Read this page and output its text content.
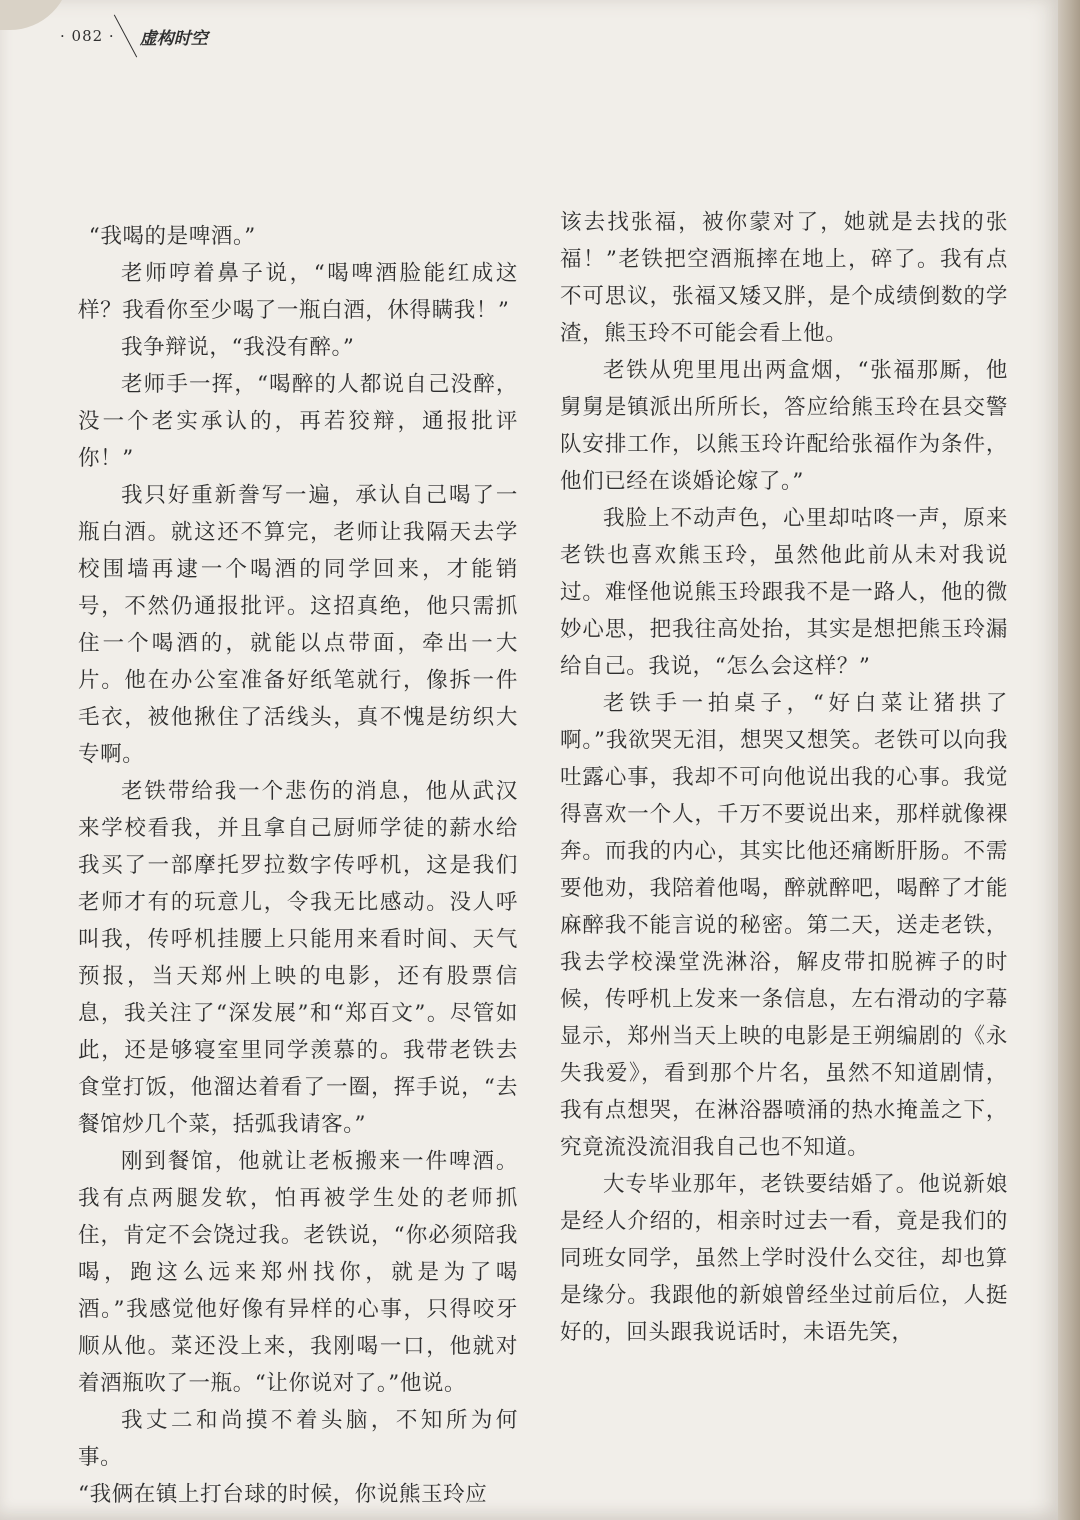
· 082 · 虚构时空

“我喝的是啤酒。”

老师哼着鼻子说，“喝啤酒脸能红成这样？我看你至少喝了一瓶白酒，休得瞒我！”

我争辩说，“我没有醉。”

老师手一挥，“喝醉的人都说自己没醉，没一个老实承认的，再若狡辩，通报批评你！”

我只好重新誊写一遍，承认自己喝了一瓶白酒。就这还不算完，老师让我隔天去学校围墙再逮一个喝酒的同学回来，才能销号，不然仍通报批评。这招真绝，他只需抓住一个喝酒的，就能以点带面，牵出一大片。他在办公室准备好纸笔就行，像拆一件毛衣，被他揪住了活线头，真不愧是纺织大专啊。

老铁带给我一个悲伤的消息，他从武汉来学校看我，并且拿自己厨师学徒的薪水给我买了一部摩托罗拉数字传呼机，这是我们老师才有的玩意儿，令我无比感动。没人呼叫我，传呼机挂腰上只能用来看时间、天气预报，当天郑州上映的电影，还有股票信息，我关注了“深发展”和“郑百文”。尽管如此，还是够寝室里同学羡慕的。我带老铁去食堂打饭，他溜达着看了一圈，挥手说，“去餐馆炒几个菜，括弧我请客。”

刚到餐馆，他就让老板搬来一件啤酒。我有点两腿发软，怕再被学生处的老师抓住，肯定不会饶过我。老铁说，“你必须陪我喝，跑这么远来郑州找你，就是为了喝酒。”我感觉他好像有异样的心事，只得咬牙顺从他。菜还没上来，我刚喝一口，他就对着酒瓶吹了一瓶。“让你说对了。”他说。

我丈二和尚摸不着头脑，不知所为何事。

“我俩在镇上打台球的时候，你说熊玉玲应

该去找张福，被你蒙对了，她就是去找的张福！”老铁把空酒瓶摔在地上，碎了。我有点不可思议，张福又矮又胖，是个成绩倒数的学渣，熊玉玲不可能会看上他。

老铁从兜里甩出两盒烟，“张福那厮，他舅舅是镇派出所所长，答应给熊玉玲在县交警队安排工作，以熊玉玲许配给张福作为条件，他们已经在谈婚论嫁了。”

我脸上不动声色，心里却咕咚一声，原来老铁也喜欢熊玉玲，虽然他此前从未对我说过。难怪他说熊玉玲跟我不是一路人，他的微妙心思，把我往高处抬，其实是想把熊玉玲漏给自己。我说，“怎么会这样？”

老铁手一拍桌子，“好白菜让猪拱了啊。”我欲哭无泪，想哭又想笑。老铁可以向我吐露心事，我却不可向他说出我的心事。我觉得喜欢一个人，千万不要说出来，那样就像裸奔。而我的内心，其实比他还痛断肝肠。不需要他劝，我陪着他喝，醉就醉吧，喝醉了才能麻醉我不能言说的秘密。第二天，送走老铁，我去学校澡堂洗淋浴，解皮带扣脱裤子的时候，传呼机上发来一条信息，左右滑动的字幕显示，郑州当天上映的电影是王朔编剧的《永失我爱》，看到那个片名，虽然不知道剧情，我有点想哭，在淋浴器喷涌的热水掩盖之下，究竟流没流泪我自己也不知道。

大专毕业那年，老铁要结婚了。他说新娘是经人介绍的，相亲时过去一看，竟是我们的同班女同学，虽然上学时没什么交往，却也算是缘分。我跟他的新娘曾经坐过前后位，人挺好的，回头跟我说话时，未语先笑，
